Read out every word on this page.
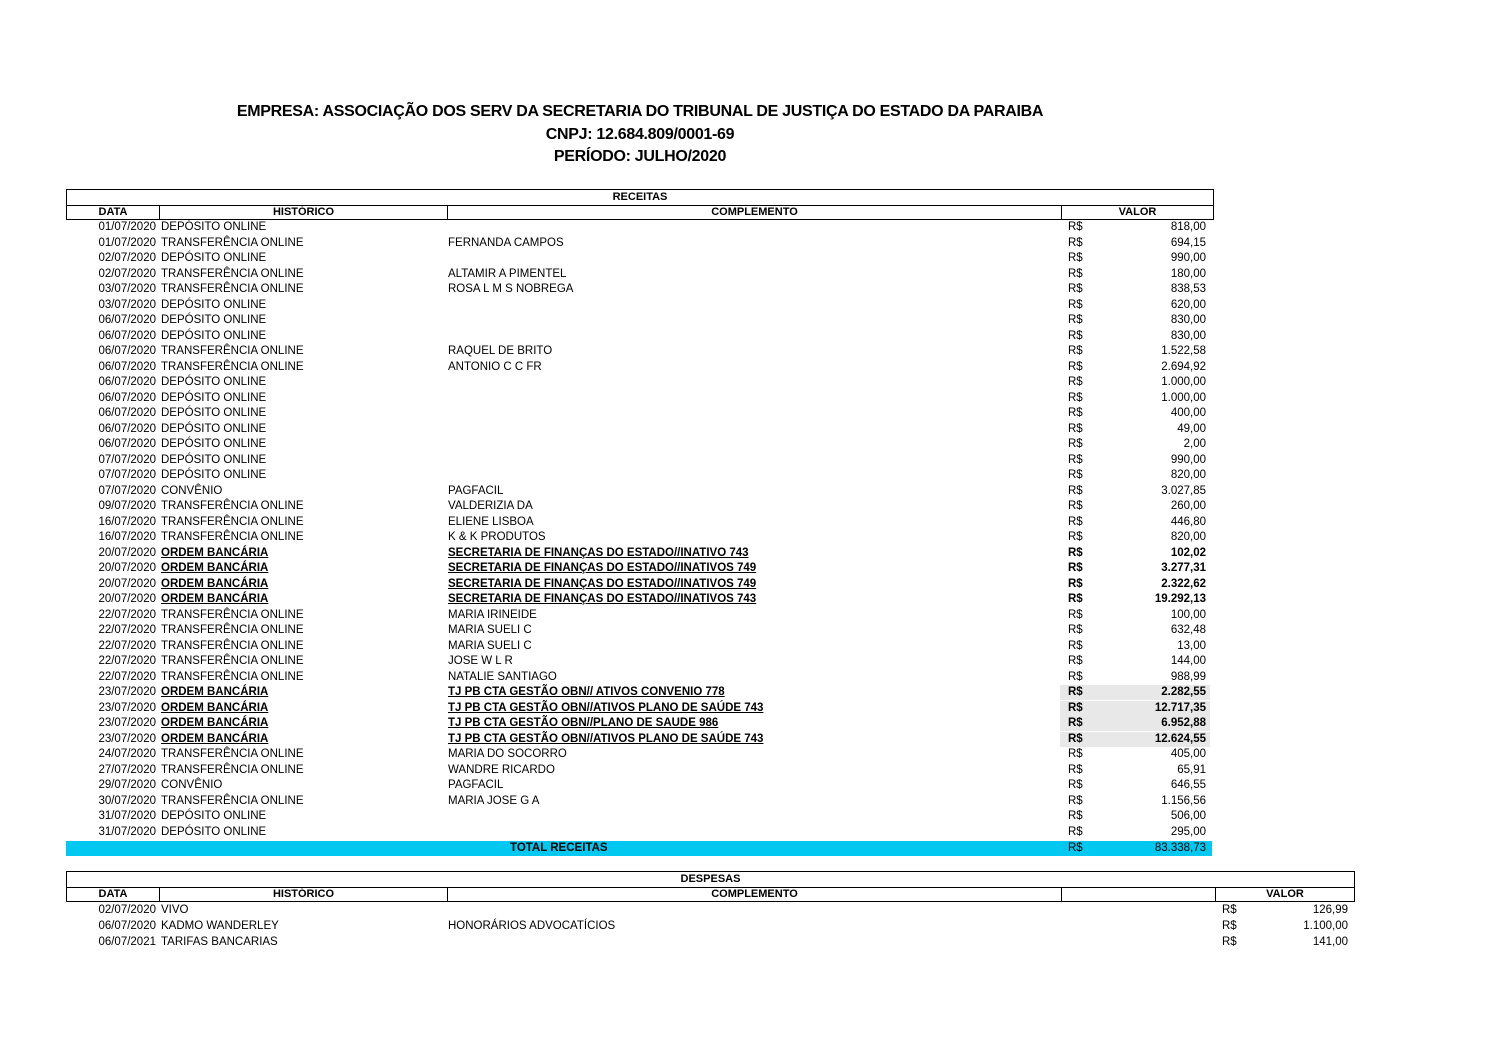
EMPRESA: ASSOCIAÇÃO DOS SERV DA SECRETARIA DO TRIBUNAL DE JUSTIÇA DO ESTADO DA PARAIBA
CNPJ: 12.684.809/0001-69
PERÍODO: JULHO/2020
RECEITAS
DATA	HISTÓRICO	COMPLEMENTO	VALOR
01/07/2020 DEPÓSITO ONLINE	R$	818,00
01/07/2020 TRANSFERÊNCIA ONLINE	FERNANDA CAMPOS	R$	694,15
02/07/2020 DEPÓSITO ONLINE	R$	990,00
02/07/2020 TRANSFERÊNCIA ONLINE	ALTAMIR A PIMENTEL	R$	180,00
03/07/2020 TRANSFERÊNCIA ONLINE	ROSA L M S NOBREGA	R$	838,53
03/07/2020 DEPÓSITO ONLINE	R$	620,00
06/07/2020 DEPÓSITO ONLINE	R$	830,00
06/07/2020 DEPÓSITO ONLINE	R$	830,00
06/07/2020 TRANSFERÊNCIA ONLINE	RAQUEL DE BRITO	R$	1.522,58
06/07/2020 TRANSFERÊNCIA ONLINE	ANTONIO C C FR	R$	2.694,92
06/07/2020 DEPÓSITO ONLINE	R$	1.000,00
06/07/2020 DEPÓSITO ONLINE	R$	1.000,00
06/07/2020 DEPÓSITO ONLINE	R$	400,00
06/07/2020 DEPÓSITO ONLINE	R$	49,00
06/07/2020 DEPÓSITO ONLINE	R$	2,00
07/07/2020 DEPÓSITO ONLINE	R$	990,00
07/07/2020 DEPÓSITO ONLINE	R$	820,00
07/07/2020 CONVÊNIO	PAGFACIL	R$	3.027,85
09/07/2020 TRANSFERÊNCIA ONLINE	VALDERIZIA DA	R$	260,00
16/07/2020 TRANSFERÊNCIA ONLINE	ELIENE LISBOA	R$	446,80
16/07/2020 TRANSFERÊNCIA ONLINE	K & K PRODUTOS	R$	820,00
20/07/2020 ORDEM BANCÁRIA	SECRETARIA DE FINANÇAS DO ESTADO//INATIVO 743	R$	102,02
20/07/2020 ORDEM BANCÁRIA	SECRETARIA DE FINANÇAS DO ESTADO//INATIVOS 749	R$	3.277,31
20/07/2020 ORDEM BANCÁRIA	SECRETARIA DE FINANÇAS DO ESTADO//INATIVOS 749	R$	2.322,62
20/07/2020 ORDEM BANCÁRIA	SECRETARIA DE FINANÇAS DO ESTADO//INATIVOS 743	R$	19.292,13
22/07/2020 TRANSFERÊNCIA ONLINE	MARIA IRINEIDE	R$	100,00
22/07/2020 TRANSFERÊNCIA ONLINE	MARIA SUELI C	R$	632,48
22/07/2020 TRANSFERÊNCIA ONLINE	MARIA SUELI C	R$	13,00
22/07/2020 TRANSFERÊNCIA ONLINE	JOSE W L R	R$	144,00
22/07/2020 TRANSFERÊNCIA ONLINE	NATALIE SANTIAGO	R$	988,99
23/07/2020 ORDEM BANCÁRIA	TJ PB CTA GESTÃO OBN// ATIVOS CONVENIO 778	R$	2.282,55
23/07/2020 ORDEM BANCÁRIA	TJ PB CTA GESTÃO OBN//ATIVOS PLANO DE SAÚDE 743	R$	12.717,35
23/07/2020 ORDEM BANCÁRIA	TJ PB CTA GESTÃO OBN//PLANO DE SAUDE 986	R$	6.952,88
23/07/2020 ORDEM BANCÁRIA	TJ PB CTA GESTÃO OBN//ATIVOS PLANO DE SAÚDE 743	R$	12.624,55
24/07/2020 TRANSFERÊNCIA ONLINE	MARIA DO SOCORRO	R$	405,00
27/07/2020 TRANSFERÊNCIA ONLINE	WANDRE RICARDO	R$	65,91
29/07/2020 CONVÊNIO	PAGFACIL	R$	646,55
30/07/2020 TRANSFERÊNCIA ONLINE	MARIA JOSE G A	R$	1.156,56
31/07/2020 DEPÓSITO ONLINE	R$	506,00
31/07/2020 DEPÓSITO ONLINE	R$	295,00
TOTAL RECEITAS	R$	83.338,73
DESPESAS
DATA	HISTÓRICO	COMPLEMENTO	VALOR
02/07/2020 VIVO	R$	126,99
06/07/2020 KADMO WANDERLEY	HONORÁRIOS ADVOCATÍCIOS	R$	1.100,00
06/07/2021 TARIFAS BANCARIAS	R$	141,00
